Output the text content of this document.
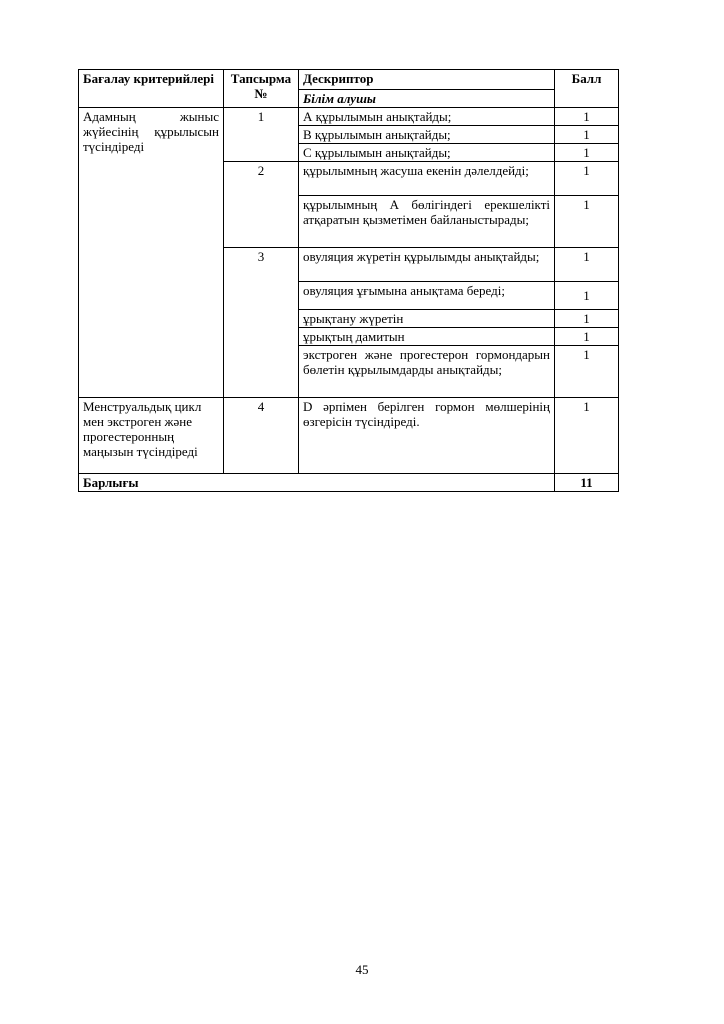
Бағалау критерийлері	Тапсырма №	Дескриптор	Балл
		Білім алушы	

Адамның жыныс жүйесінің құрылысын түсіндіреді	1	А құрылымын анықтайды;	1
		В құрылымын анықтайды;	1
		С құрылымын анықтайды;	1
	2	құрылымның жасуша екенін дәлелдейді;	1
		құрылымның А бөлігіндегі ерекшелікті атқаратын қызметімен байланыстырады;	1
	3	овуляция жүретін құрылымды анықтайды;	1
		овуляция ұғымына анықтама береді;	1
		ұрықтану жүретін	1
		ұрықтың дамитын	1
		экстроген және прогестерон гормондарын бөлетін құрылымдарды анықтайды;	1
Менструальдық цикл мен экстроген және прогестеронның маңызын түсіндіреді	4	D әрпімен берілген гормон мөлшерінің өзгерісін түсіндіреді.	1
Барлығы			11
45
